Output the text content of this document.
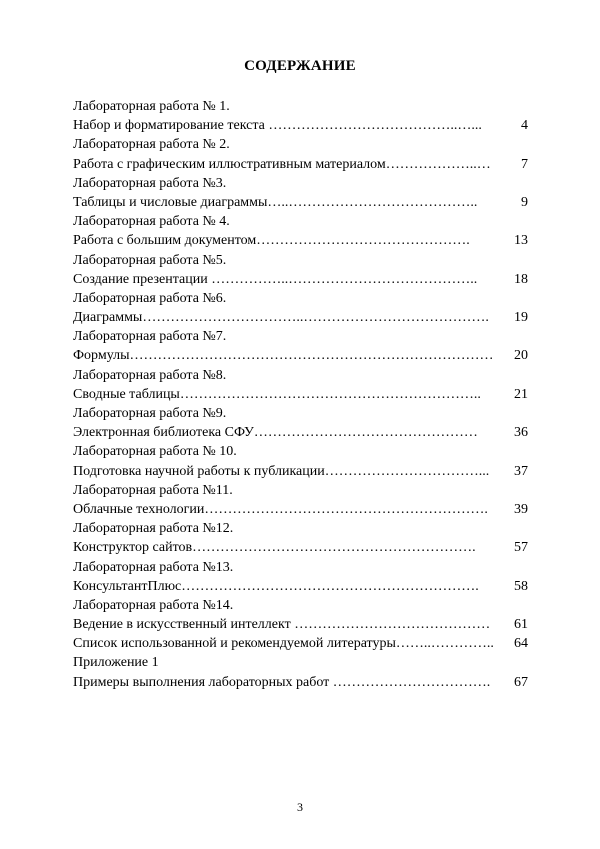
СОДЕРЖАНИЕ
Лабораторная работа № 1.
Набор и форматирование текста …………………………………..…...	4
Лабораторная работа № 2.
Работа с графическим иллюстративным материалом………………..…	7
Лабораторная работа №3.
Таблицы и числовые диаграммы…..…………………………………..	9
Лабораторная работа № 4.
Работа с большим документом……………………………………….	13
Лабораторная работа №5.
Создание презентации ……………..…………………………………..	18
Лабораторная работа №6.
Диаграммы……………………………..………………………………….	19
Лабораторная работа №7.
Формулы……………………………………………………………………	20
Лабораторная работа №8.
Сводные таблицы………………………………………………………..	21
Лабораторная работа №9.
Электронная библиотека СФУ…………………………………………	36
Лабораторная работа № 10.
Подготовка научной работы к публикации……………………………...	37
Лабораторная работа №11.
Облачные технологии…………………………………………………….	39
Лабораторная работа №12.
Конструктор сайтов…………………………………………………….	57
Лабораторная работа №13.
КонсультантПлюс……………………………………………………….	58
Лабораторная работа №14.
Ведение в искусственный интеллект ……………………………………	61
Список использованной и рекомендуемой литературы……..…………..	64
Приложение 1
Примеры выполнения лабораторных работ …………………………….	67
3
